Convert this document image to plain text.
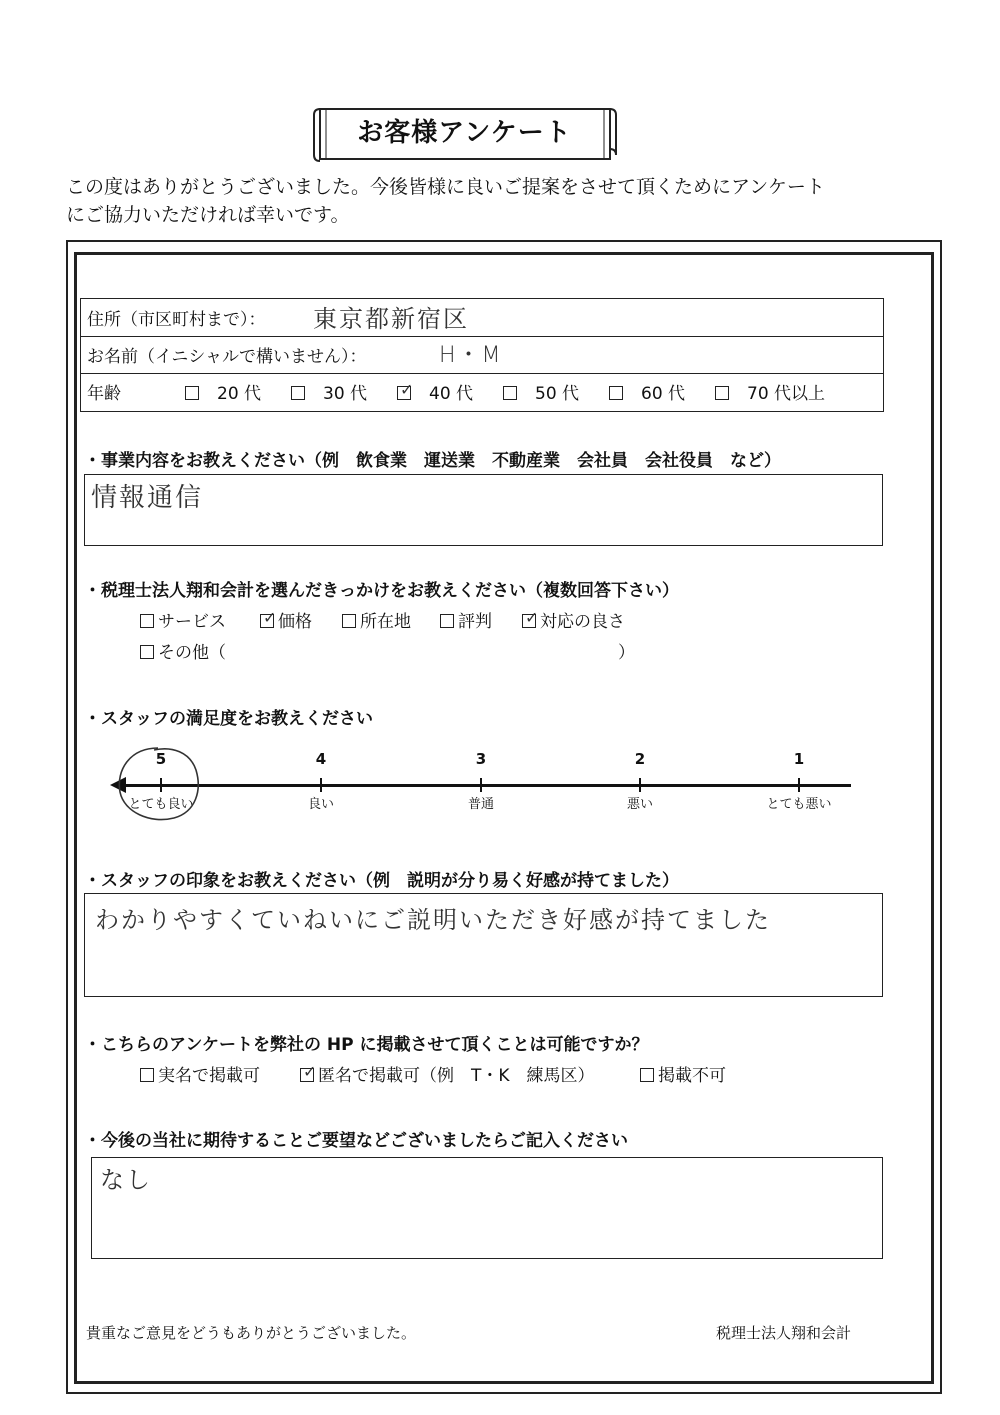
お客様アンケート
この度はありがとうございました。今後皆様に良いご提案をさせて頂くためにアンケート
にご協力いただければ幸いです。
住所（市区町村まで）： 東京都新宿区
お名前（イニシャルで構いません）：	H・M
年齢	20 代	30 代 ✓ 40 代	50 代	60 代	70 代以上
・事業内容をお教えください（例　飲食業　運送業　不動産業　会社員　会社役員　など）
情報通信
・税理士法人翔和会計を選んだきっかけをお教えください（複数回答下さい）
サービス ✓ 価格	所在地	評判 ✓ 対応の良さ
その他（	）
・スタッフの満足度をお教えください
5	4	3	2	1
とても良い	良い	普通	悪い	とても悪い
・スタッフの印象をお教えください（例　説明が分り易く好感が持てました）
わかりやすくていねいにご説明いただき好感が持てました
・こちらのアンケートを弊社の HP に掲載させて頂くことは可能ですか？
実名で掲載可	✓ 匿名で掲載可（例　T・K　練馬区）	掲載不可
・今後の当社に期待することご要望などございましたらご記入ください
なし
貴重なご意見をどうもありがとうございました。	税理士法人翔和会計
